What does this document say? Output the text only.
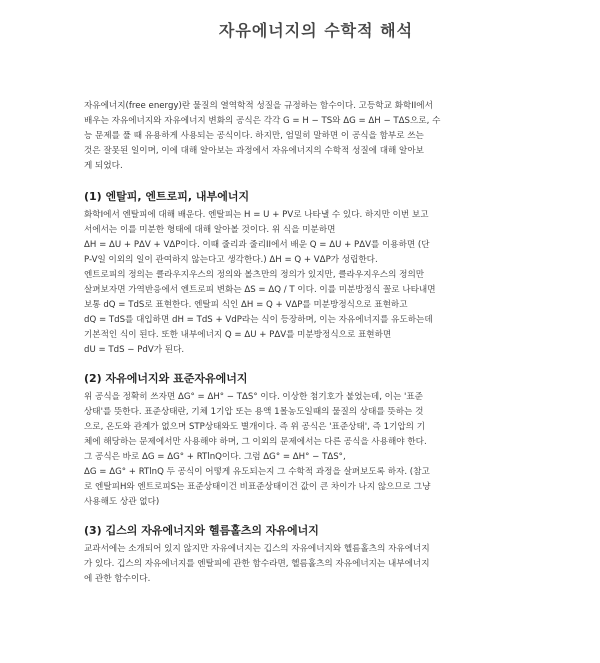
자유에너지의 수학적 해석

자유에너지(free energy)란 물질의 열역학적 성질을 규정하는 함수이다. 고등학교 화학II에서
배우는 자유에너지와 자유에너지 변화의 공식은 각각 G = H − TS와 ΔG = ΔH − TΔS으로, 수
능 문제를 풀 때 유용하게 사용되는 공식이다. 하지만, 엄밀히 말하면 이 공식을 함부로 쓰는
것은 잘못된 일이며, 이에 대해 알아보는 과정에서 자유에너지의 수학적 성질에 대해 알아보
게 되었다.

(1) 엔탈피, 엔트로피, 내부에너지

화학I에서 엔탈피에 대해 배운다. 엔탈피는 H = U + PV로 나타낼 수 있다. 하지만 이번 보고
서에서는 이를 미분한 형태에 대해 알아볼 것이다. 위 식을 미분하면
ΔH = ΔU + PΔV + VΔP이다. 이때 줄리과 줄리II에서 배운 Q = ΔU + PΔV를 이용하면 (단
P-V일 이외의 일이 관여하지 않는다고 생각한다.) ΔH = Q + VΔP가 성립한다.
엔트로피의 정의는 클라우지우스의 정의와 볼츠만의 정의가 있지만, 클라우지우스의 정의만
살펴보자면 가역반응에서 엔트로피 변화는 ΔS = ΔQ / T 이다. 이를 미분방정식 꼴로 나타내면
보통 dQ = TdS로 표현한다. 엔탈피 식인 ΔH = Q + VΔP를 미분방정식으로 표현하고
dQ = TdS를 대입하면 dH = TdS + VdP라는 식이 등장하며, 이는 자유에너지를 유도하는데
기본적인 식이 된다. 또한 내부에너지 Q = ΔU + PΔV를 미분방정식으로 표현하면
dU = TdS − PdV가 된다.

(2) 자유에너지와 표준자유에너지

위 공식을 정확히 쓰자면 ΔG° = ΔH° − TΔS° 이다. 이상한 첨기호가 붙었는데, 이는 '표준
상태'를 뜻한다. 표준상태란, 기체 1기압 또는 용액 1몰농도일때의 물질의 상태를 뜻하는 것
으로, 온도와 관계가 없으며 STP상태와도 별개이다. 즉 위 공식은 '표준상태', 즉 1기압의 기
체에 해당하는 문제에서만 사용해야 하며, 그 이외의 문제에서는 다른 공식을 사용해야 한다.
그 공식은 바로 ΔG = ΔG° + RTlnQ이다. 그럼 ΔG° = ΔH° − TΔS°,
ΔG = ΔG° + RTlnQ 두 공식이 어떻게 유도되는지 그 수학적 과정을 살펴보도록 하자. (참고
로 엔탈피H와 엔트로피S는 표준상태이건 비표준상태이건 값이 큰 차이가 나지 않으므로 그냥
사용해도 상관 없다)

(3) 깁스의 자유에너지와 헬름홀츠의 자유에너지

교과서에는 소개되어 있지 않지만 자유에너지는 깁스의 자유에너지와 헬름홀츠의 자유에너지
가 있다. 깁스의 자유에너지를 엔탈피에 관한 함수라면, 헬름홀츠의 자유에너지는 내부에너지
에 관한 함수이다.
